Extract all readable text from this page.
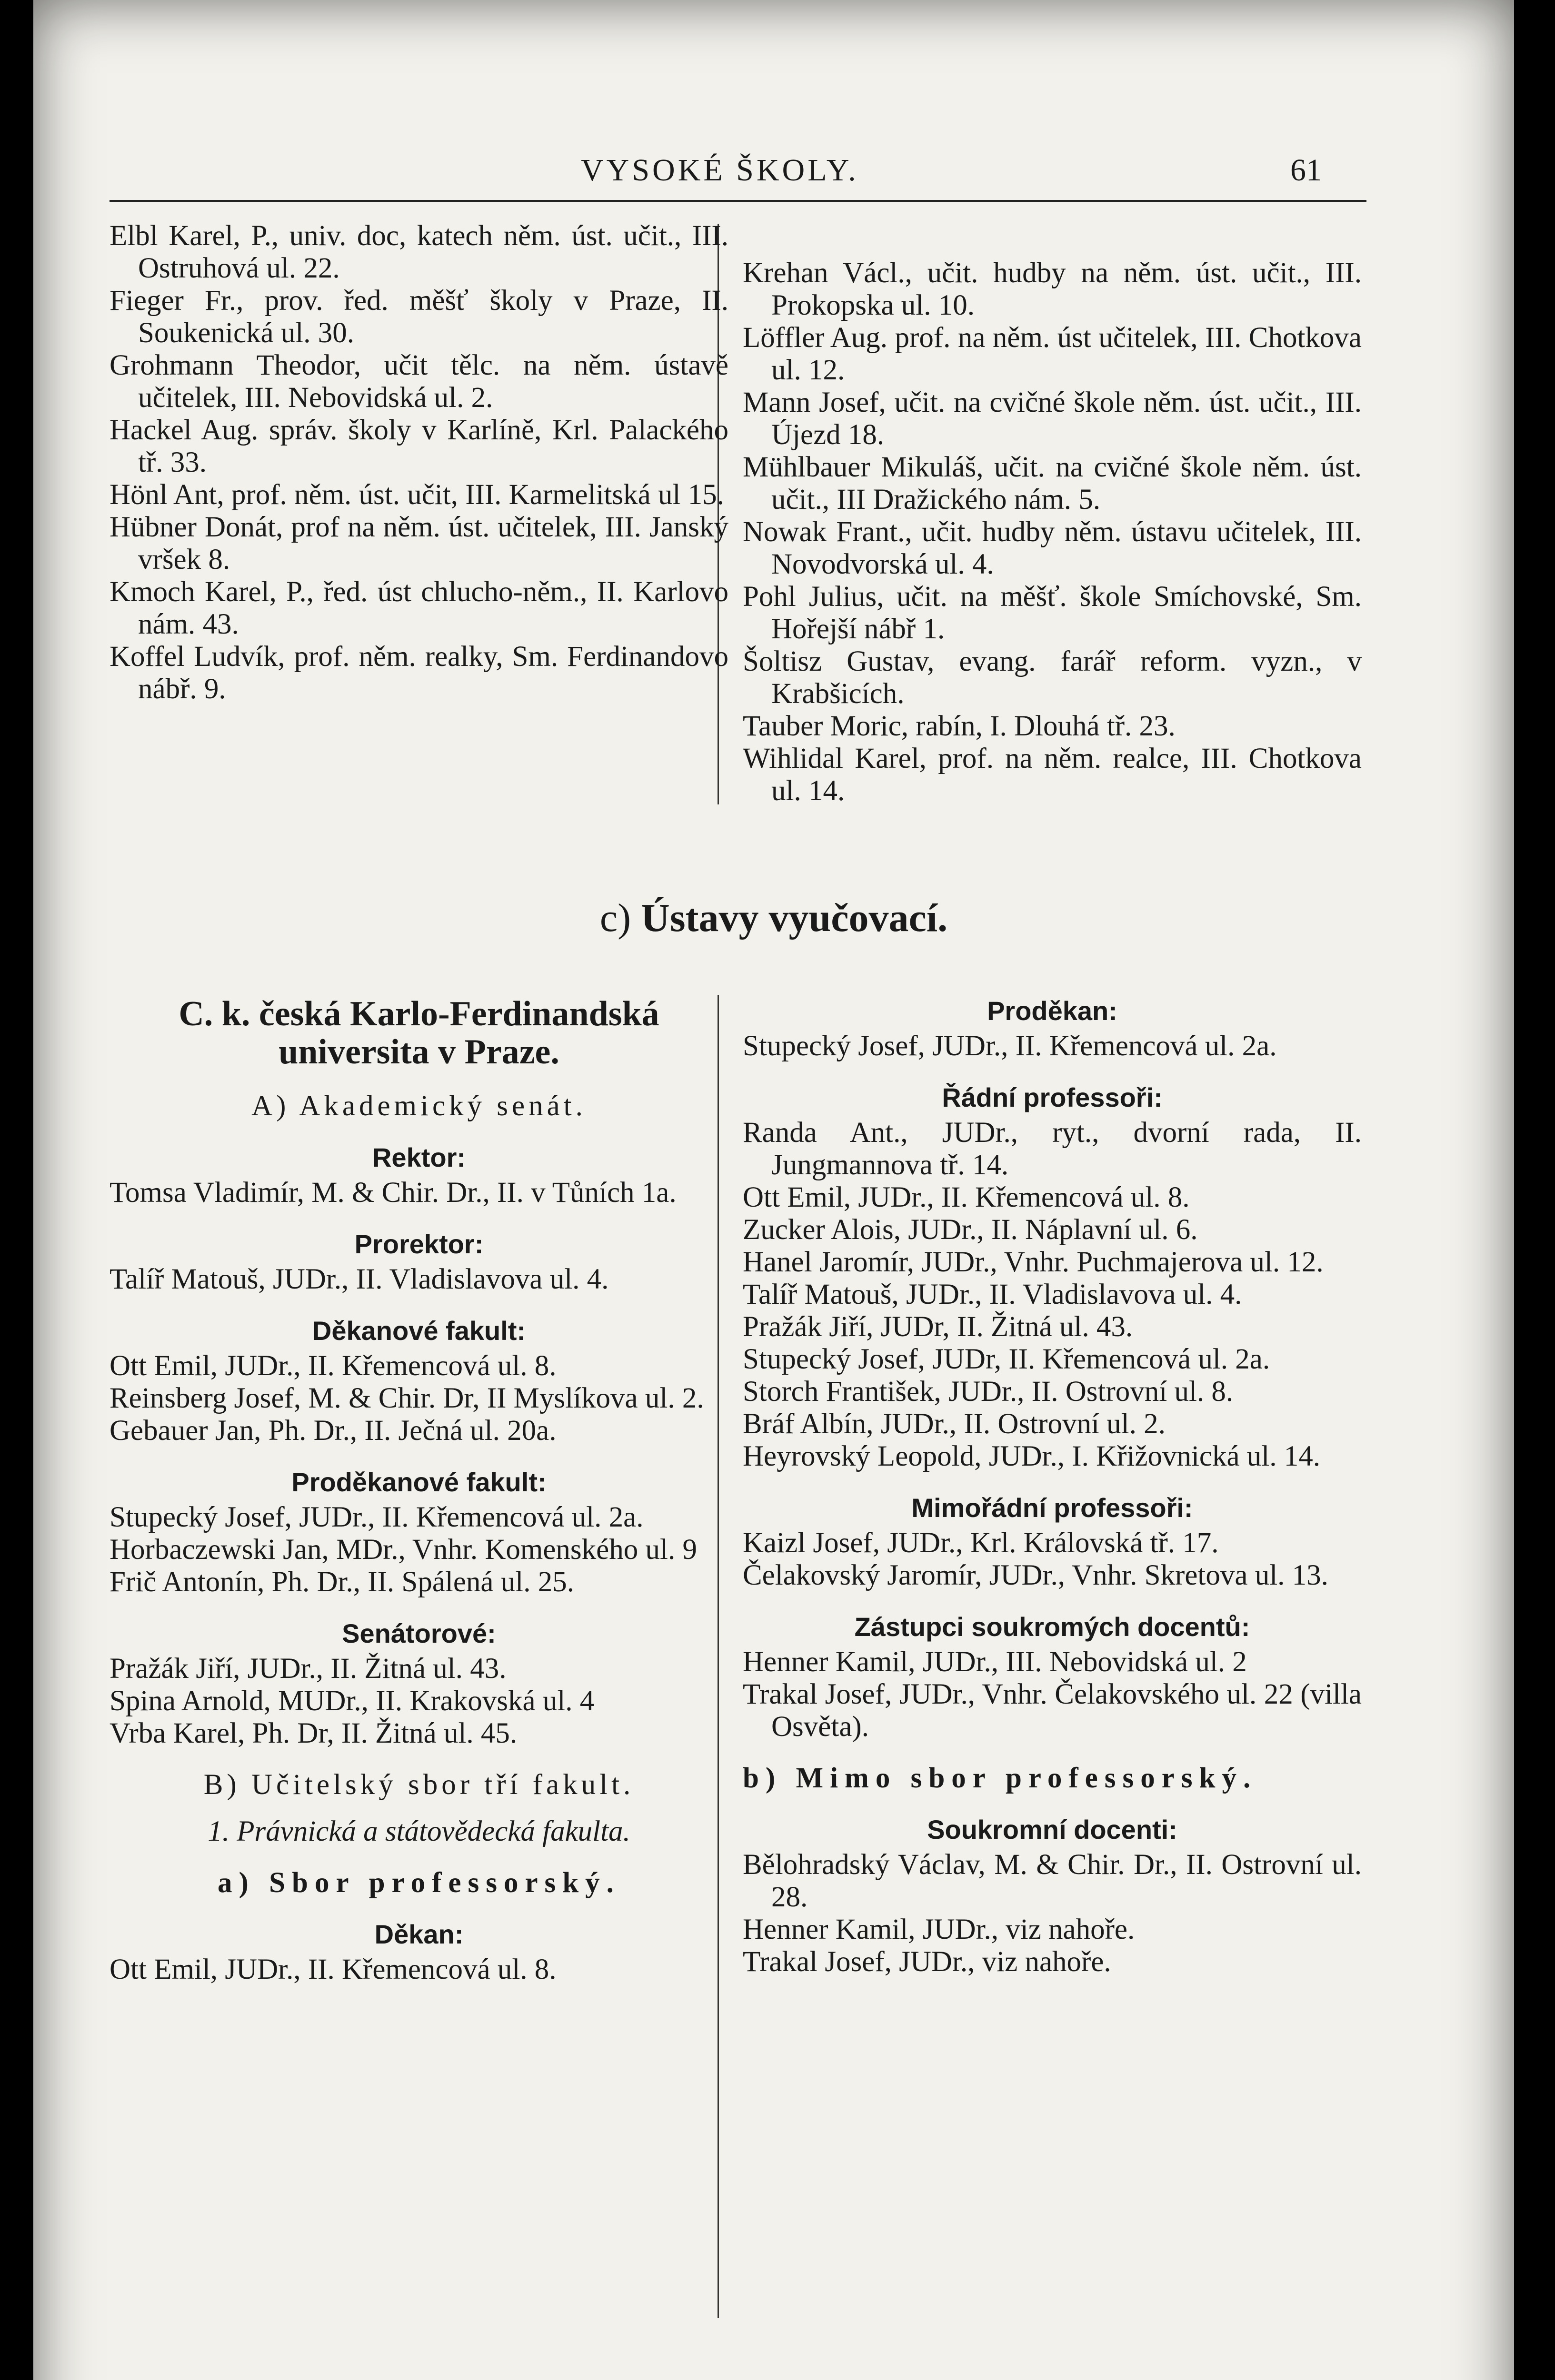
VYSOKÉ ŠKOLY.	61

Elbl Karel, P., univ. doc, katech něm. úst. učit., III. Ostruhová ul. 22.

Fieger Fr., prov. řed. měšť školy v Praze, II. Soukenická ul. 30.

Grohmann Theodor, učit tělc. na něm. ústavě učitelek, III. Nebovidská ul. 2.

Hackel Aug. správ. školy v Karlíně, Krl. Palackého tř. 33.

Hönl Ant, prof. něm. úst. učit, III. Karmelitská ul 15.

Hübner Donát, prof na něm. úst. učitelek, III. Janský vršek 8.

Kmoch Karel, P., řed. úst chlucho-něm., II. Karlovo nám. 43.

Koffel Ludvík, prof. něm. realky, Sm. Ferdinandovo nábř. 9.

Krehan Václ., učit. hudby na něm. úst. učit., III. Prokopska ul. 10.

Löffler Aug. prof. na něm. úst učitelek, III. Chotkova ul. 12.

Mann Josef, učit. na cvičné škole něm. úst. učit., III. Újezd 18.

Mühlbauer Mikuláš, učit. na cvičné škole něm. úst. učit., III Dražického nám. 5.

Nowak Frant., učit. hudby něm. ústavu učitelek, III. Novodvorská ul. 4.

Pohl Julius, učit. na měšť. škole Smíchovské, Sm. Hořejší nábř 1.

Šoltisz Gustav, evang. farář reform. vyzn., v Krabšicích.

Tauber Moric, rabín, I. Dlouhá tř. 23.

Wihlidal Karel, prof. na něm. realce, III. Chotkova ul. 14.

c) Ústavy vyučovací.

C. k. česká Karlo-Ferdinandská universita v Praze.

A) Akademický senát.

Rektor:

Tomsa Vladimír, M. & Chir. Dr., II. v Tůních 1a.

Prorektor:

Talíř Matouš, JUDr., II. Vladislavova ul. 4.

Děkanové fakult:

Ott Emil, JUDr., II. Křemencová ul. 8.

Reinsberg Josef, M. & Chir. Dr, II Myslíkova ul. 2.

Gebauer Jan, Ph. Dr., II. Ječná ul. 20a.

Proděkanové fakult:

Stupecký Josef, JUDr., II. Křemencová ul. 2a.

Horbaczewski Jan, MDr., Vnhr. Komenského ul. 9

Frič Antonín, Ph. Dr., II. Spálená ul. 25.

Senátorové:

Pražák Jiří, JUDr., II. Žitná ul. 43.

Spina Arnold, MUDr., II. Krakovská ul. 4

Vrba Karel, Ph. Dr, II. Žitná ul. 45.

B) Učitelský sbor tří fakult.

1. Právnická a státovědecká fakulta.

a) Sbor professorský.

Děkan:

Ott Emil, JUDr., II. Křemencová ul. 8.

Proděkan:

Stupecký Josef, JUDr., II. Křemencová ul. 2a.

Řádní professoři:

Randa Ant., JUDr., ryt., dvorní rada, II. Jungmannova tř. 14.

Ott Emil, JUDr., II. Křemencová ul. 8.

Zucker Alois, JUDr., II. Náplavní ul. 6.

Hanel Jaromír, JUDr., Vnhr. Puchmajerova ul. 12.

Talíř Matouš, JUDr., II. Vladislavova ul. 4.

Pražák Jiří, JUDr, II. Žitná ul. 43.

Stupecký Josef, JUDr, II. Křemencová ul. 2a.

Storch František, JUDr., II. Ostrovní ul. 8.

Bráf Albín, JUDr., II. Ostrovní ul. 2.

Heyrovský Leopold, JUDr., I. Křižovnická ul. 14.

Mimořádní professoři:

Kaizl Josef, JUDr., Krl. Královská tř. 17.

Čelakovský Jaromír, JUDr., Vnhr. Skretova ul. 13.

Zástupci soukromých docentů:

Henner Kamil, JUDr., III. Nebovidská ul. 2

Trakal Josef, JUDr., Vnhr. Čelakovského ul. 22 (villa Osvěta).

b) Mimo sbor professorský.

Soukromní docenti:

Bělohradský Václav, M. & Chir. Dr., II. Ostrovní ul. 28.

Henner Kamil, JUDr., viz nahoře.

Trakal Josef, JUDr., viz nahoře.
